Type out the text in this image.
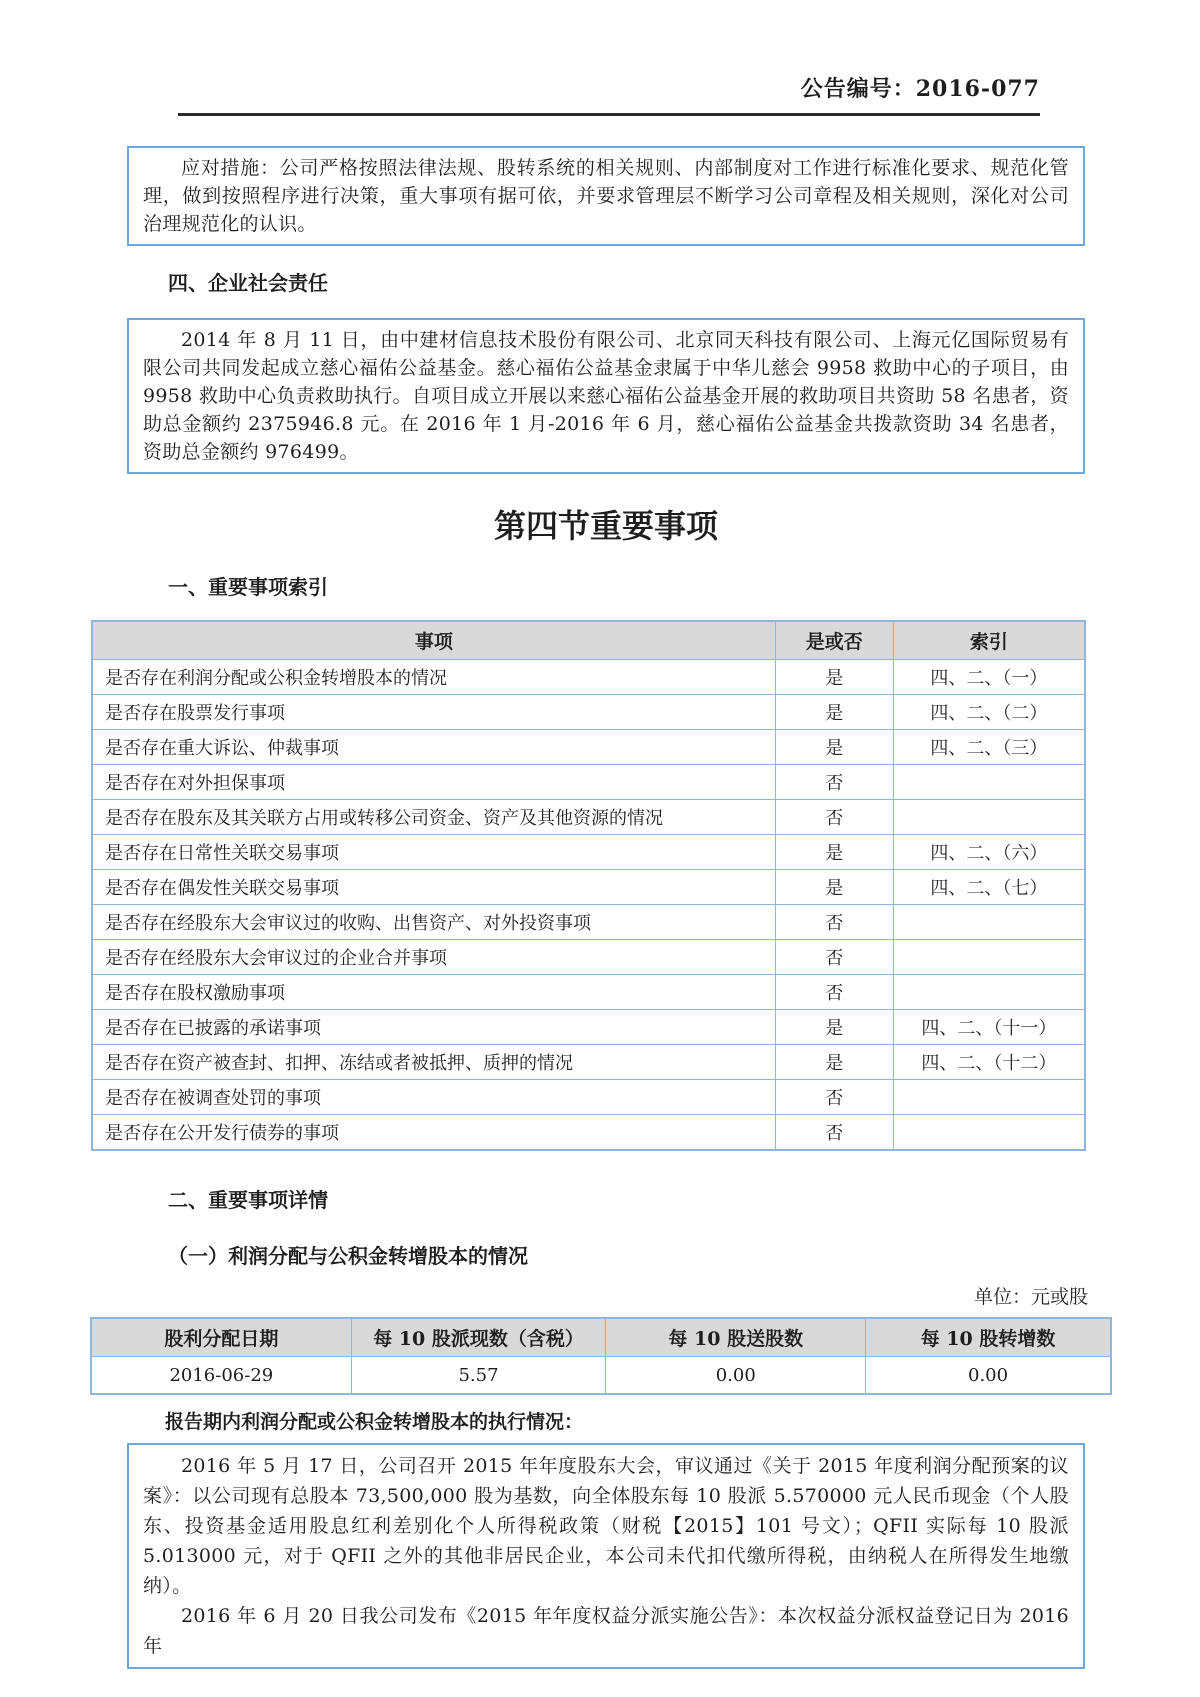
公告编号：2016-077

应对措施：公司严格按照法律法规、股转系统的相关规则、内部制度对工作进行标准化要求、规范化管理，做到按照程序进行决策，重大事项有据可依，并要求管理层不断学习公司章程及相关规则，深化对公司治理规范化的认识。

四、企业社会责任

2014 年 8 月 11 日，由中建材信息技术股份有限公司、北京同天科技有限公司、上海元亿国际贸易有限公司共同发起成立慈心福佑公益基金。慈心福佑公益基金隶属于中华儿慈会 9958 救助中心的子项目，由 9958 救助中心负责救助执行。自项目成立开展以来慈心福佑公益基金开展的救助项目共资助 58 名患者，资助总金额约 2375946.8 元。在 2016 年 1 月-2016 年 6 月，慈心福佑公益基金共拨款资助 34 名患者，资助总金额约 976499。

第四节重要事项
一、重要事项索引
事项	是或否	索引
是否存在利润分配或公积金转增股本的情况	是	四、二、（一）
是否存在股票发行事项	是	四、二、（二）
是否存在重大诉讼、仲裁事项	是	四、二、（三）
是否存在对外担保事项	否	
是否存在股东及其关联方占用或转移公司资金、资产及其他资源的情况	否	
是否存在日常性关联交易事项	是	四、二、（六）
是否存在偶发性关联交易事项	是	四、二、（七）
是否存在经股东大会审议过的收购、出售资产、对外投资事项	否	
是否存在经股东大会审议过的企业合并事项	否	
是否存在股权激励事项	否	
是否存在已披露的承诺事项	是	四、二、（十一）
是否存在资产被查封、扣押、冻结或者被抵押、质押的情况	是	四、二、（十二）
是否存在被调查处罚的事项	否	
是否存在公开发行债券的事项	否	
二、重要事项详情
（一）利润分配与公积金转增股本的情况
单位：元或股
股利分配日期	每 10 股派现数（含税）	每 10 股送股数	每 10 股转增数
2016-06-29	5.57	0.00	0.00
报告期内利润分配或公积金转增股本的执行情况：

2016 年 5 月 17 日，公司召开 2015 年年度股东大会，审议通过《关于 2015 年度利润分配预案的议案》：以公司现有总股本 73,500,000 股为基数，向全体股东每 10 股派 5.570000 元人民币现金（个人股东、投资基金适用股息红利差别化个人所得税政策（财税【2015】101 号文）；QFII 实际每 10 股派 5.013000 元，对于 QFII 之外的其他非居民企业，本公司未代扣代缴所得税，由纳税人在所得发生地缴纳）。

2016 年 6 月 20 日我公司发布《2015 年年度权益分派实施公告》：本次权益分派权益登记日为 2016 年
